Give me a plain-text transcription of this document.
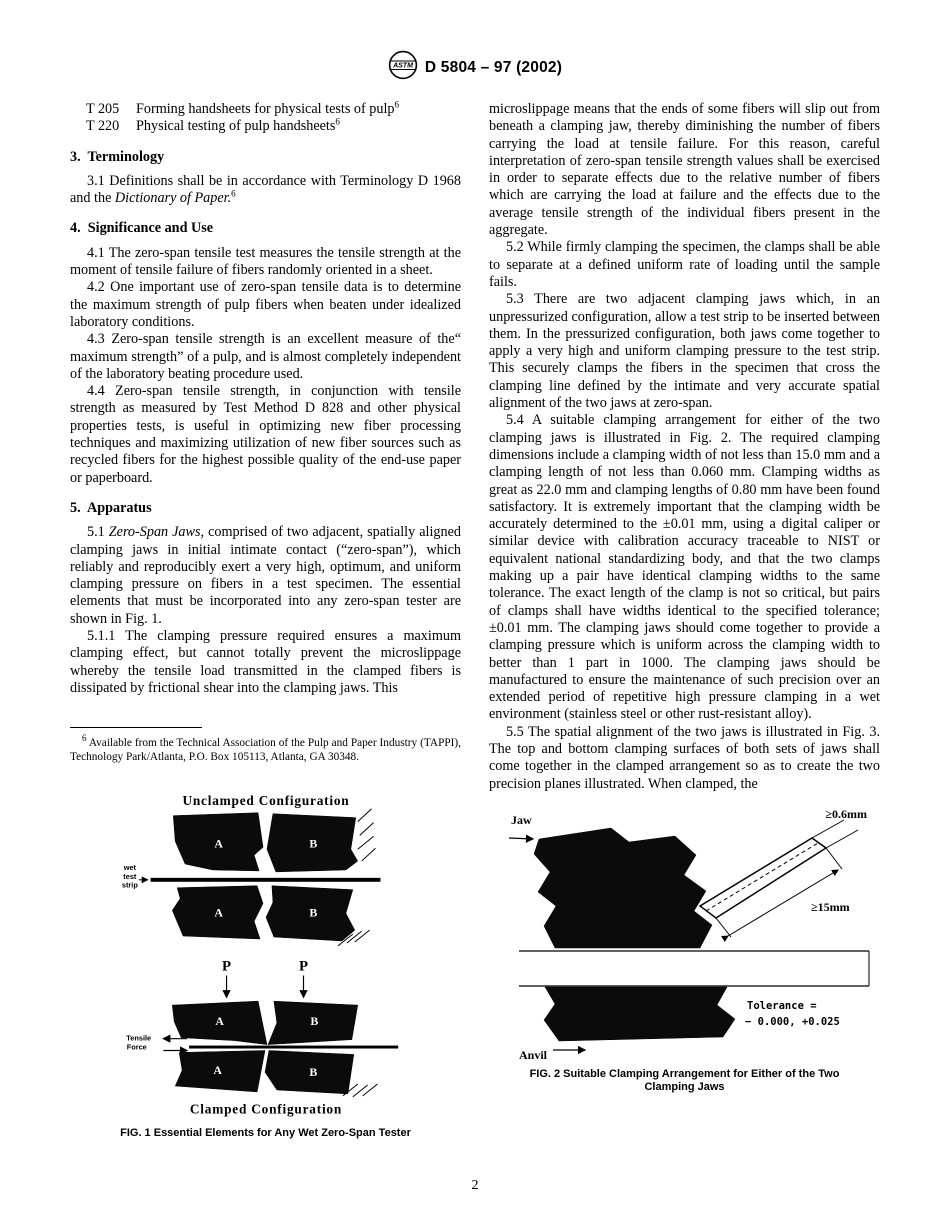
ASTM D 5804 – 97 (2002)
T 205	Forming handsheets for physical tests of pulp$^6$
T 220	Physical testing of pulp handsheets$^6$
3.  Terminology

3.1 Definitions shall be in accordance with Terminology D 1968 and the Dictionary of Paper.$^6$

4.  Significance and Use

4.1 The zero-span tensile test measures the tensile strength at the moment of tensile failure of fibers randomly oriented in a sheet.

4.2 One important use of zero-span tensile data is to determine the maximum strength of pulp fibers when beaten under idealized laboratory conditions.

4.3 Zero-span tensile strength is an excellent measure of the“ maximum strength” of a pulp, and is almost completely independent of the laboratory beating procedure used.

4.4 Zero-span tensile strength, in conjunction with tensile strength as measured by Test Method D 828 and other physical properties tests, is useful in optimizing new fiber processing techniques and maximizing utilization of new fiber sources such as recycled fibers for the highest possible quality of the end-use paper or paperboard.

5.  Apparatus

5.1 Zero-Span Jaws, comprised of two adjacent, spatially aligned clamping jaws in initial intimate contact (“zero-span”), which reliably and reproducibly exert a very high, optimum, and uniform clamping pressure on fibers in a test specimen. The essential elements that must be incorporated into any zero-span tester are shown in Fig. 1.

5.1.1 The clamping pressure required ensures a maximum clamping effect, but cannot totally prevent the microslippage whereby the tensile load transmitted in the clamped fibers is dissipated by frictional shear into the clamping jaws. This

$^6$ Available from the Technical Association of the Pulp and Paper Industry (TAPPI), Technology Park/Atlanta, P.O. Box 105113, Atlanta, GA 30348.

Unclamped Configuration
A	B
wet
test
strip
A	B
P	P
A	B
Tensile
Force
A	B
Clamped Configuration
FIG. 1 Essential Elements for Any Wet Zero-Span Tester

microslippage means that the ends of some fibers will slip out from beneath a clamping jaw, thereby diminishing the number of fibers carrying the load at tensile failure. For this reason, careful interpretation of zero-span tensile strength values shall be exercised in order to separate effects due to the relative number of fibers which are carrying the load at failure and the effects due to the average tensile strength of the individual fibers present in the aggregate.

5.2 While firmly clamping the specimen, the clamps shall be able to separate at a defined uniform rate of loading until the sample fails.

5.3 There are two adjacent clamping jaws which, in an unpressurized configuration, allow a test strip to be inserted between them. In the pressurized configuration, both jaws come together to apply a very high and uniform clamping pressure to the test strip. This securely clamps the fibers in the specimen that cross the clamping line defined by the intimate and very accurate spatial alignment of the two jaws at zero-span.

5.4 A suitable clamping arrangement for either of the two clamping jaws is illustrated in Fig. 2. The required clamping dimensions include a clamping width of not less than 15.0 mm and a clamping length of not less than 0.060 mm. Clamping widths as great as 22.0 mm and clamping lengths of 0.80 mm have been found satisfactory. It is extremely important that the clamping width be accurately determined to the ±0.01 mm, using a digital caliper or similar device with calibration accuracy traceable to NIST or equivalent national standardizing body, and that the two clamps making up a pair have identical clamping widths to the same tolerance. The exact length of the clamp is not so critical, but pairs of clamps shall have widths identical to the specified tolerance; ±0.01 mm. The clamping jaws should come together to provide a clamping pressure which is uniform across the clamping width to better than 1 part in 1000. The clamping jaws should be manufactured to ensure the maintenance of such precision over an extended period of repetitive high pressure clamping in a wet environment (stainless steel or other rust-resistant alloy).

5.5 The spatial alignment of the two jaws is illustrated in Fig. 3. The top and bottom clamping surfaces of both sets of jaws shall come together in the clamped arrangement so as to create the two precision planes illustrated. When clamped, the

≥0.6mm
≥15mm
Jaw
Anvil
Tolerance =
− 0.000, +0.025
FIG. 2 Suitable Clamping Arrangement for Either of the Two
Clamping Jaws
2
